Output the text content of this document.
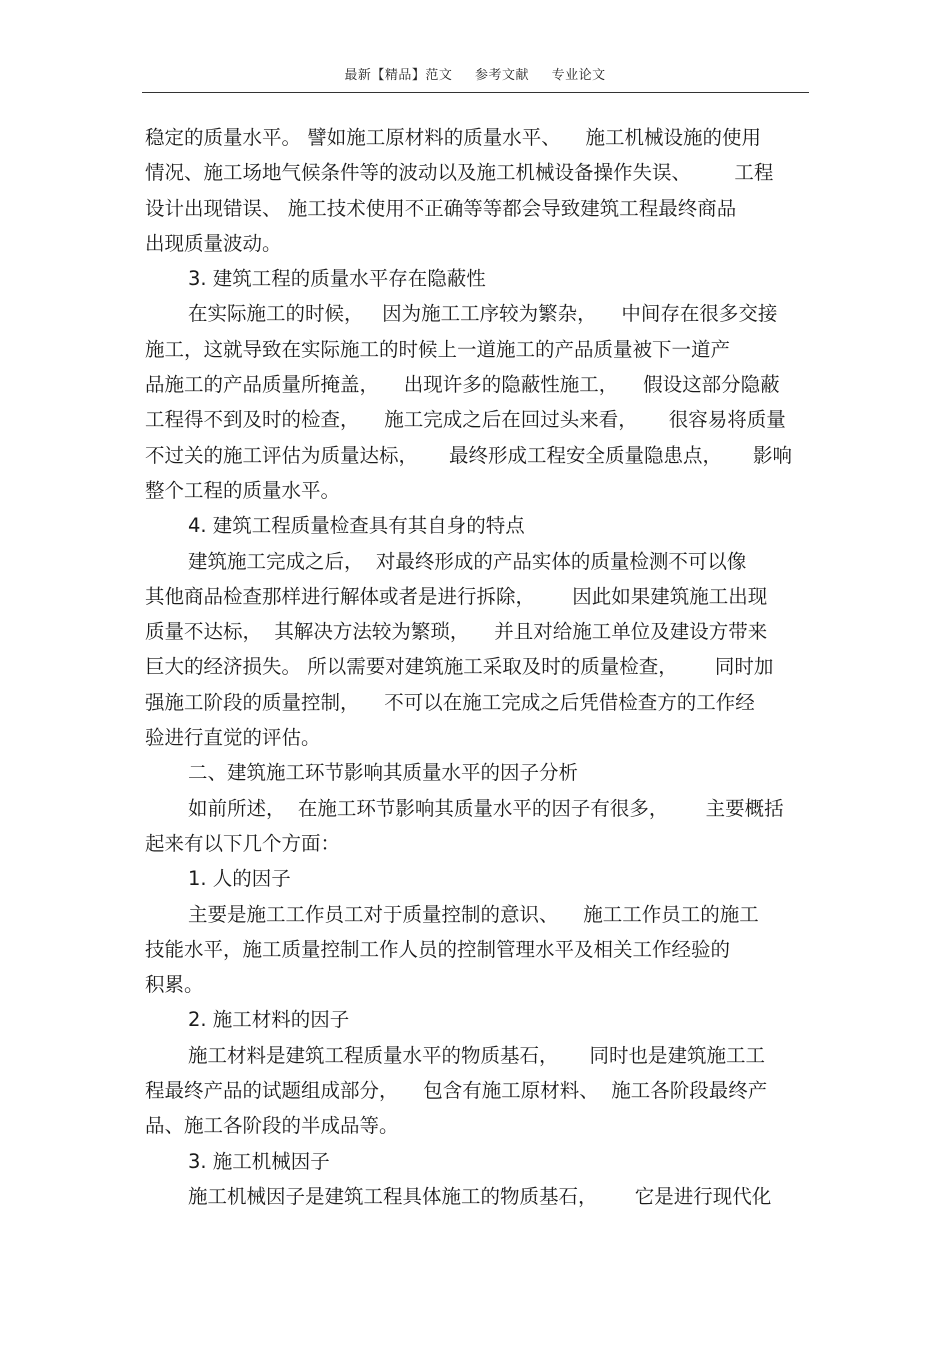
最新【精品】范文 参考文献 专业论文
稳定的质量水平。 譬如施工原材料的质量水平、    施工机械设施的使用
情况、施工场地气候条件等的波动以及施工机械设备操作失误、       工程
设计出现错误、 施工技术使用不正确等等都会导致建筑工程最终商品
出现质量波动。
3. 建筑工程的质量水平存在隐蔽性
在实际施工的时候，   因为施工工序较为繁杂，    中间存在很多交接
施工，这就导致在实际施工的时候上一道施工的产品质量被下一道产
品施工的产品质量所掩盖，    出现许多的隐蔽性施工，    假设这部分隐蔽
工程得不到及时的检查，    施工完成之后在回过头来看，     很容易将质量
不过关的施工评估为质量达标，     最终形成工程安全质量隐患点，     影响
整个工程的质量水平。
4. 建筑工程质量检查具有其自身的特点
建筑施工完成之后，  对最终形成的产品实体的质量检测不可以像
其他商品检查那样进行解体或者是进行拆除，      因此如果建筑施工出现
质量不达标，  其解决方法较为繁琐，    并且对给施工单位及建设方带来
巨大的经济损失。 所以需要对建筑施工采取及时的质量检查，      同时加
强施工阶段的质量控制，    不可以在施工完成之后凭借检查方的工作经
验进行直觉的评估。
二、建筑施工环节影响其质量水平的因子分析
如前所述，  在施工环节影响其质量水平的因子有很多，      主要概括
起来有以下几个方面：
1. 人的因子
主要是施工工作员工对于质量控制的意识、    施工工作员工的施工
技能水平，施工质量控制工作人员的控制管理水平及相关工作经验的
积累。
2. 施工材料的因子
施工材料是建筑工程质量水平的物质基石，     同时也是建筑施工工
程最终产品的试题组成部分，    包含有施工原材料、  施工各阶段最终产
品、施工各阶段的半成品等。
3. 施工机械因子
施工机械因子是建筑工程具体施工的物质基石，      它是进行现代化
